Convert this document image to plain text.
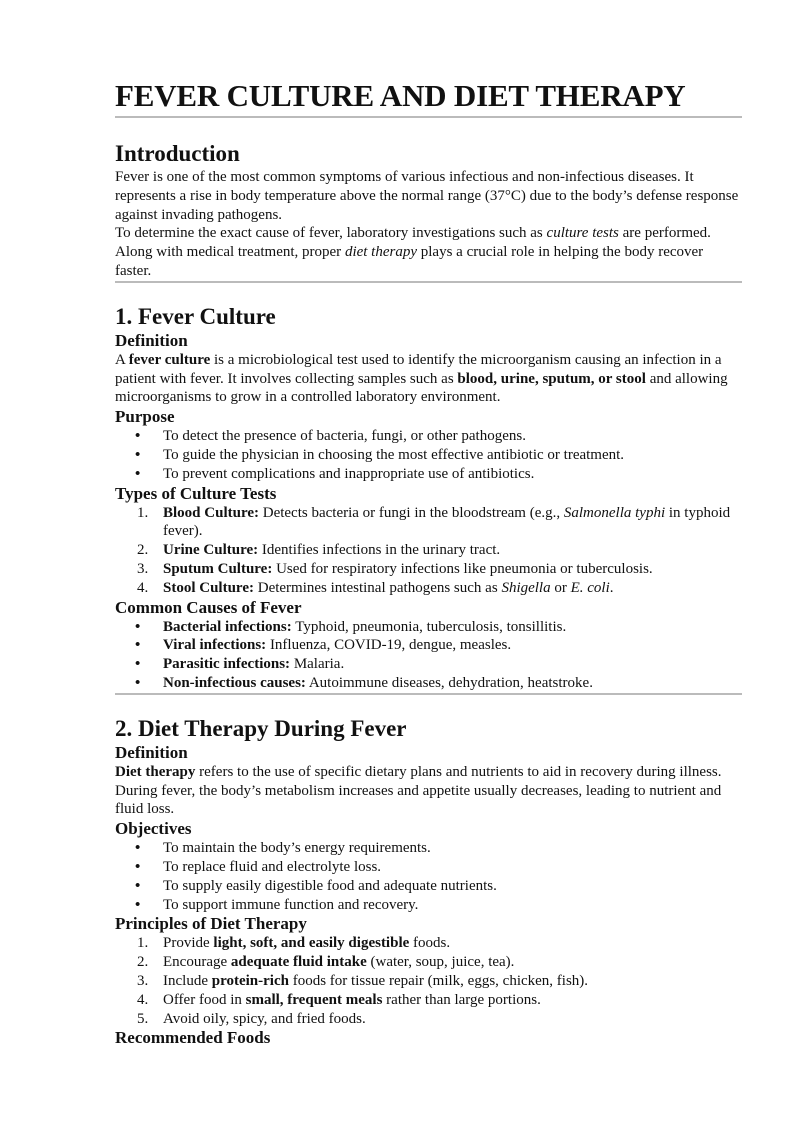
FEVER CULTURE AND DIET THERAPY
Introduction

Fever is one of the most common symptoms of various infectious and non-infectious diseases. It represents a rise in body temperature above the normal range (37°C) due to the body’s defense response against invading pathogens.

To determine the exact cause of fever, laboratory investigations such as culture tests are performed. Along with medical treatment, proper diet therapy plays a crucial role in helping the body recover faster.

1. Fever Culture
Definition

A fever culture is a microbiological test used to identify the microorganism causing an infection in a patient with fever. It involves collecting samples such as blood, urine, sputum, or stool and allowing microorganisms to grow in a controlled laboratory environment.

Purpose
• To detect the presence of bacteria, fungi, or other pathogens.
• To guide the physician in choosing the most effective antibiotic or treatment.
• To prevent complications and inappropriate use of antibiotics.
Types of Culture Tests
1. Blood Culture: Detects bacteria or fungi in the bloodstream (e.g., Salmonella typhi in typhoid fever).
2. Urine Culture: Identifies infections in the urinary tract.
3. Sputum Culture: Used for respiratory infections like pneumonia or tuberculosis.
4. Stool Culture: Determines intestinal pathogens such as Shigella or E. coli.
Common Causes of Fever
• Bacterial infections: Typhoid, pneumonia, tuberculosis, tonsillitis.
• Viral infections: Influenza, COVID-19, dengue, measles.
• Parasitic infections: Malaria.
• Non-infectious causes: Autoimmune diseases, dehydration, heatstroke.
2. Diet Therapy During Fever
Definition

Diet therapy refers to the use of specific dietary plans and nutrients to aid in recovery during illness. During fever, the body’s metabolism increases and appetite usually decreases, leading to nutrient and fluid loss.

Objectives
• To maintain the body’s energy requirements.
• To replace fluid and electrolyte loss.
• To supply easily digestible food and adequate nutrients.
• To support immune function and recovery.
Principles of Diet Therapy
1. Provide light, soft, and easily digestible foods.
2. Encourage adequate fluid intake (water, soup, juice, tea).
3. Include protein-rich foods for tissue repair (milk, eggs, chicken, fish).
4. Offer food in small, frequent meals rather than large portions.
5. Avoid oily, spicy, and fried foods.
Recommended Foods
